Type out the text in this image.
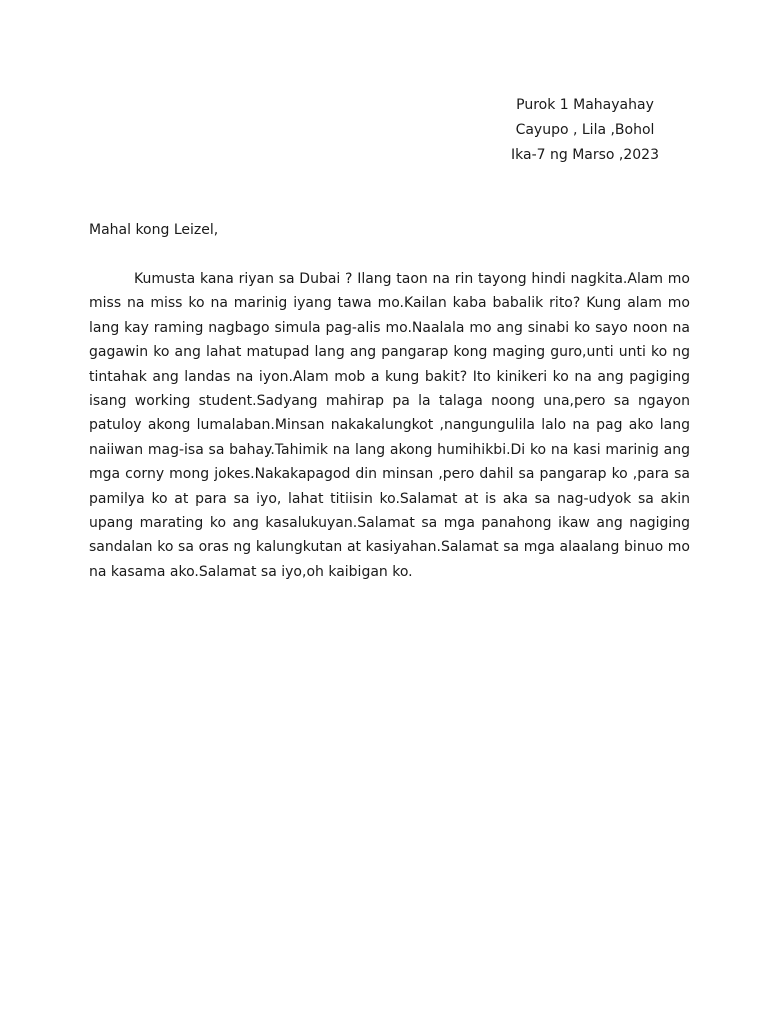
Purok 1 Mahayahay
Cayupo , Lila ,Bohol
Ika-7 ng Marso ,2023
Mahal kong Leizel,

Kumusta kana riyan sa Dubai ? Ilang taon na rin tayong hindi nagkita.Alam mo miss na miss ko na marinig iyang tawa mo.Kailan kaba babalik rito? Kung alam mo lang kay raming nagbago simula pag-alis mo.Naalala mo ang sinabi ko sayo noon na gagawin ko ang lahat matupad lang ang pangarap kong maging guro,unti unti ko ng tintahak ang landas na iyon.Alam mob a kung bakit? Ito kinikeri ko na ang pagiging isang working student.Sadyang mahirap pa la talaga noong una,pero sa ngayon patuloy akong lumalaban.Minsan nakakalungkot ,nangungulila lalo na pag ako lang naiiwan mag-isa sa bahay.Tahimik na lang akong humihikbi.Di ko na kasi marinig ang mga corny mong jokes.Nakakapagod din minsan ,pero dahil sa pangarap ko ,para sa pamilya ko at para sa iyo, lahat titiisin ko.Salamat at is aka sa nag-udyok sa akin upang marating ko ang kasalukuyan.Salamat sa mga panahong ikaw ang nagiging sandalan ko sa oras ng kalungkutan at kasiyahan.Salamat sa mga alaalang binuo mo na kasama ako.Salamat sa iyo,oh kaibigan ko.
